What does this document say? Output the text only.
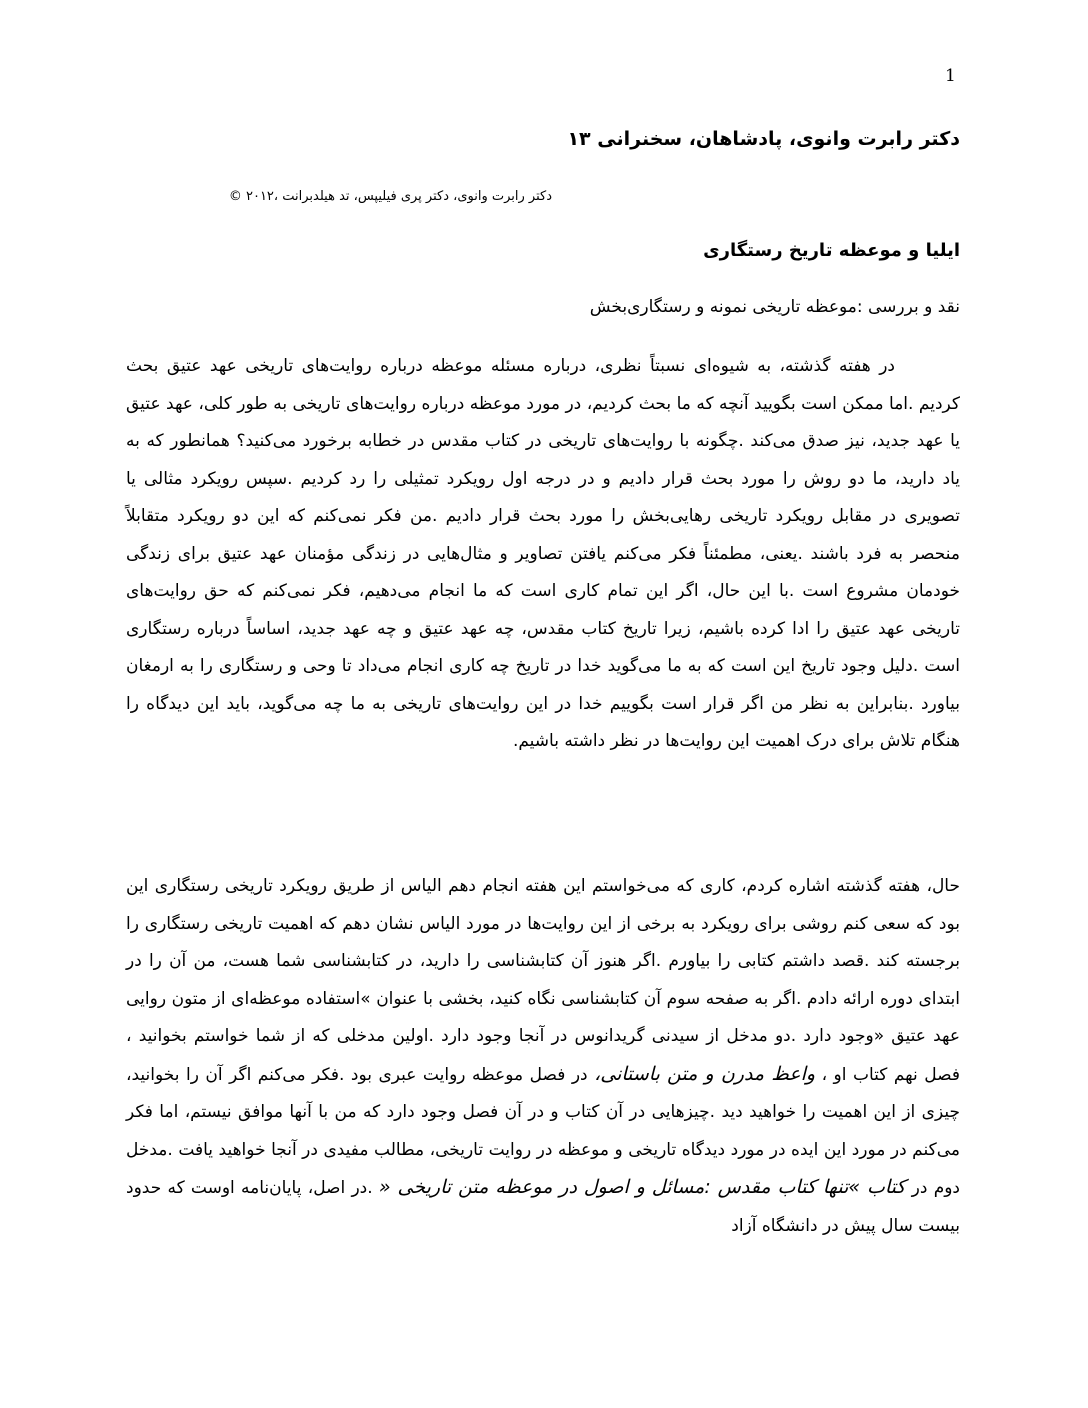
1
دکتر رابرت وانوی، پادشاهان، سخنرانی ۱۳
دکتر رابرت وانوی، دکتر پری فیلیپس، تد هیلدبرانت ،۲۰۱۲ ©
ایلیا و موعظه تاریخ رستگاری
نقد و بررسی :موعظه تاریخی نمونه و رستگاری‌بخش
در هفته گذشته، به شیوه‌ای نسبتاً نظری، درباره مسئله موعظه درباره روایت‌های تاریخی عهد عتیق بحث کردیم .اما ممکن است بگویید آنچه که ما بحث کردیم، در مورد موعظه درباره روایت‌های تاریخی به طور کلی، عهد عتیق یا عهد جدید، نیز صدق می‌کند .چگونه با روایت‌های تاریخی در کتاب مقدس در خطابه برخورد می‌کنید؟ همانطور که به یاد دارید، ما دو روش را مورد بحث قرار دادیم و در درجه اول رویکرد تمثیلی را رد کردیم .سپس رویکرد مثالی یا تصویری در مقابل رویکرد تاریخی رهایی‌بخش را مورد بحث قرار دادیم .من فکر نمی‌کنم که این دو رویکرد متقابلاً منحصر به فرد باشند .یعنی، مطمئناً فکر می‌کنم یافتن تصاویر و مثال‌هایی در زندگی مؤمنان عهد عتیق برای زندگی خودمان مشروع است .با این حال، اگر این تمام کاری است که ما انجام می‌دهیم، فکر نمی‌کنم که حق روایت‌های تاریخی عهد عتیق را ادا کرده باشیم، زیرا تاریخ کتاب مقدس، چه عهد عتیق و چه عهد جدید، اساساً درباره رستگاری است .دلیل وجود تاریخ این است که به ما می‌گوید خدا در تاریخ چه کاری انجام می‌داد تا وحی و رستگاری را به ارمغان بیاورد .بنابراین به نظر من اگر قرار است بگوییم خدا در این روایت‌های تاریخی به ما چه می‌گوید، باید این دیدگاه را هنگام تلاش برای درک اهمیت این روایت‌ها در نظر داشته باشیم.
حال، هفته گذشته اشاره کردم، کاری که می‌خواستم این هفته انجام دهم الیاس از طریق رویکرد تاریخی رستگاری این بود که سعی کنم روشی برای رویکرد به برخی از این روایت‌ها در مورد الیاس نشان دهم که اهمیت تاریخی رستگاری را برجسته کند .قصد داشتم کتابی را بیاورم .اگر هنوز آن کتابشناسی را دارید، در کتابشناسی شما هست، من آن را در ابتدای دوره ارائه دادم .اگر به صفحه سوم آن کتابشناسی نگاه کنید، بخشی با عنوان »استفاده موعظه‌ای از متون روایی عهد عتیق «وجود دارد .دو مدخل از سیدنی گریدانوس در آنجا وجود دارد .اولین مدخلی که از شما خواستم بخوانید ، فصل نهم کتاب او ، واعظ مدرن و متن باستانی، در فصل موعظه روایت عبری بود .فکر می‌کنم اگر آن را بخوانید، چیزی از این اهمیت را خواهید دید .چیزهایی در آن کتاب و در آن فصل وجود دارد که من با آنها موافق نیستم، اما فکر می‌کنم در مورد این ایده در مورد دیدگاه تاریخی و موعظه در روایت تاریخی، مطالب مفیدی در آنجا خواهید یافت .مدخل دوم در کتاب »تنها کتاب مقدس :مسائل و اصول در موعظه متن تاریخی « .در اصل، پایان‌نامه اوست که حدود بیست سال پیش در دانشگاه آزاد
